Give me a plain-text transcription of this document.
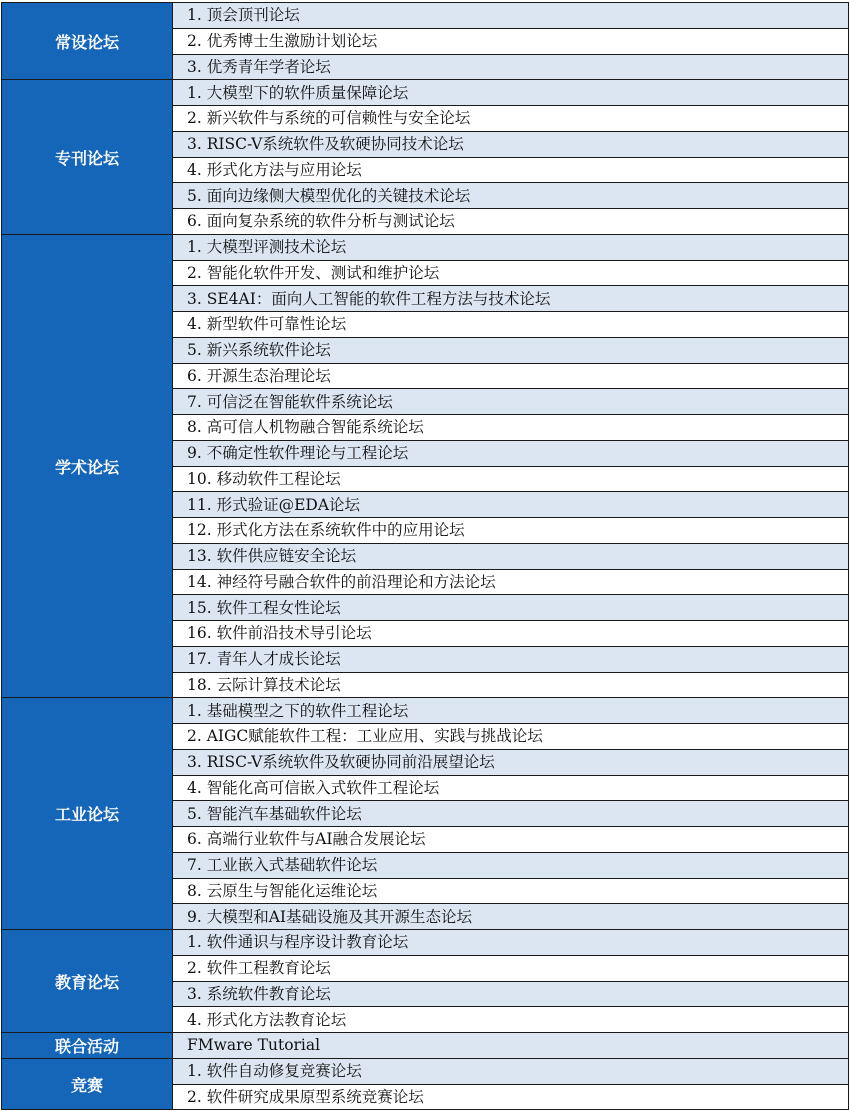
常设论坛	1. 顶会顶刊论坛
	2. 优秀博士生激励计划论坛
	3. 优秀青年学者论坛
专刊论坛	1. 大模型下的软件质量保障论坛
	2. 新兴软件与系统的可信赖性与安全论坛
	3. RISC-V系统软件及软硬协同技术论坛
	4. 形式化方法与应用论坛
	5. 面向边缘侧大模型优化的关键技术论坛
	6. 面向复杂系统的软件分析与测试论坛
学术论坛	1. 大模型评测技术论坛
	2. 智能化软件开发、测试和维护论坛
	3. SE4AI：面向人工智能的软件工程方法与技术论坛
	4. 新型软件可靠性论坛
	5. 新兴系统软件论坛
	6. 开源生态治理论坛
	7. 可信泛在智能软件系统论坛
	8. 高可信人机物融合智能系统论坛
	9. 不确定性软件理论与工程论坛
	10. 移动软件工程论坛
	11. 形式验证@EDA论坛
	12. 形式化方法在系统软件中的应用论坛
	13. 软件供应链安全论坛
	14. 神经符号融合软件的前沿理论和方法论坛
	15. 软件工程女性论坛
	16. 软件前沿技术导引论坛
	17. 青年人才成长论坛
	18. 云际计算技术论坛
工业论坛	1. 基础模型之下的软件工程论坛
	2. AIGC赋能软件工程：工业应用、实践与挑战论坛
	3. RISC-V系统软件及软硬协同前沿展望论坛
	4. 智能化高可信嵌入式软件工程论坛
	5. 智能汽车基础软件论坛
	6. 高端行业软件与AI融合发展论坛
	7. 工业嵌入式基础软件论坛
	8. 云原生与智能化运维论坛
	9. 大模型和AI基础设施及其开源生态论坛
教育论坛	1. 软件通识与程序设计教育论坛
	2. 软件工程教育论坛
	3. 系统软件教育论坛
	4. 形式化方法教育论坛
联合活动	FMware Tutorial
竞赛	1. 软件自动修复竞赛论坛
	2. 软件研究成果原型系统竞赛论坛
